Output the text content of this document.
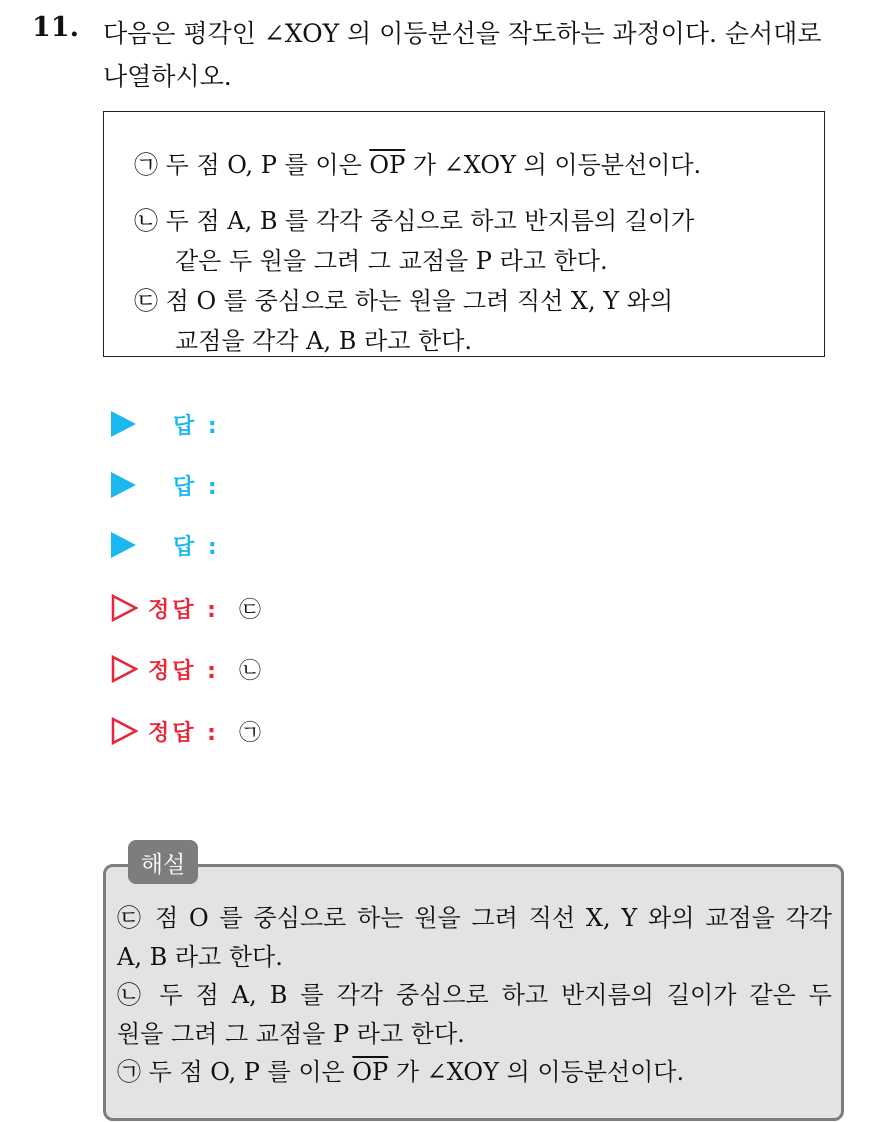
11. 다음은 평각인 ∠XOY 의 이등분선을 작도하는 과정이다. 순서대로
나열하시오.
㉠ 두 점 O, P 를 이은 $\overline{OP}$ 가 ∠XOY 의 이등분선이다.
㉡ 두 점 A, B 를 각각 중심으로 하고 반지름의 길이가
같은 두 원을 그려 그 교점을 P 라고 한다.
㉢ 점 O 를 중심으로 하는 원을 그려 직선 X, Y 와의
교점을 각각 A, B 라고 한다.
답 :
답 :
답 :
정답 : ㉢
정답 : ㉡
정답 : ㉠
㉢ 점 O 를 중심으로 하는 원을 그려 직선 X, Y 와의 교점을 각각
A, B 라고 한다.
㉡ 두 점 A, B 를 각각 중심으로 하고 반지름의 길이가 같은 두
원을 그려 그 교점을 P 라고 한다.
㉠ 두 점 O, P 를 이은 $\overline{OP}$ 가 ∠XOY 의 이등분선이다.
해설
